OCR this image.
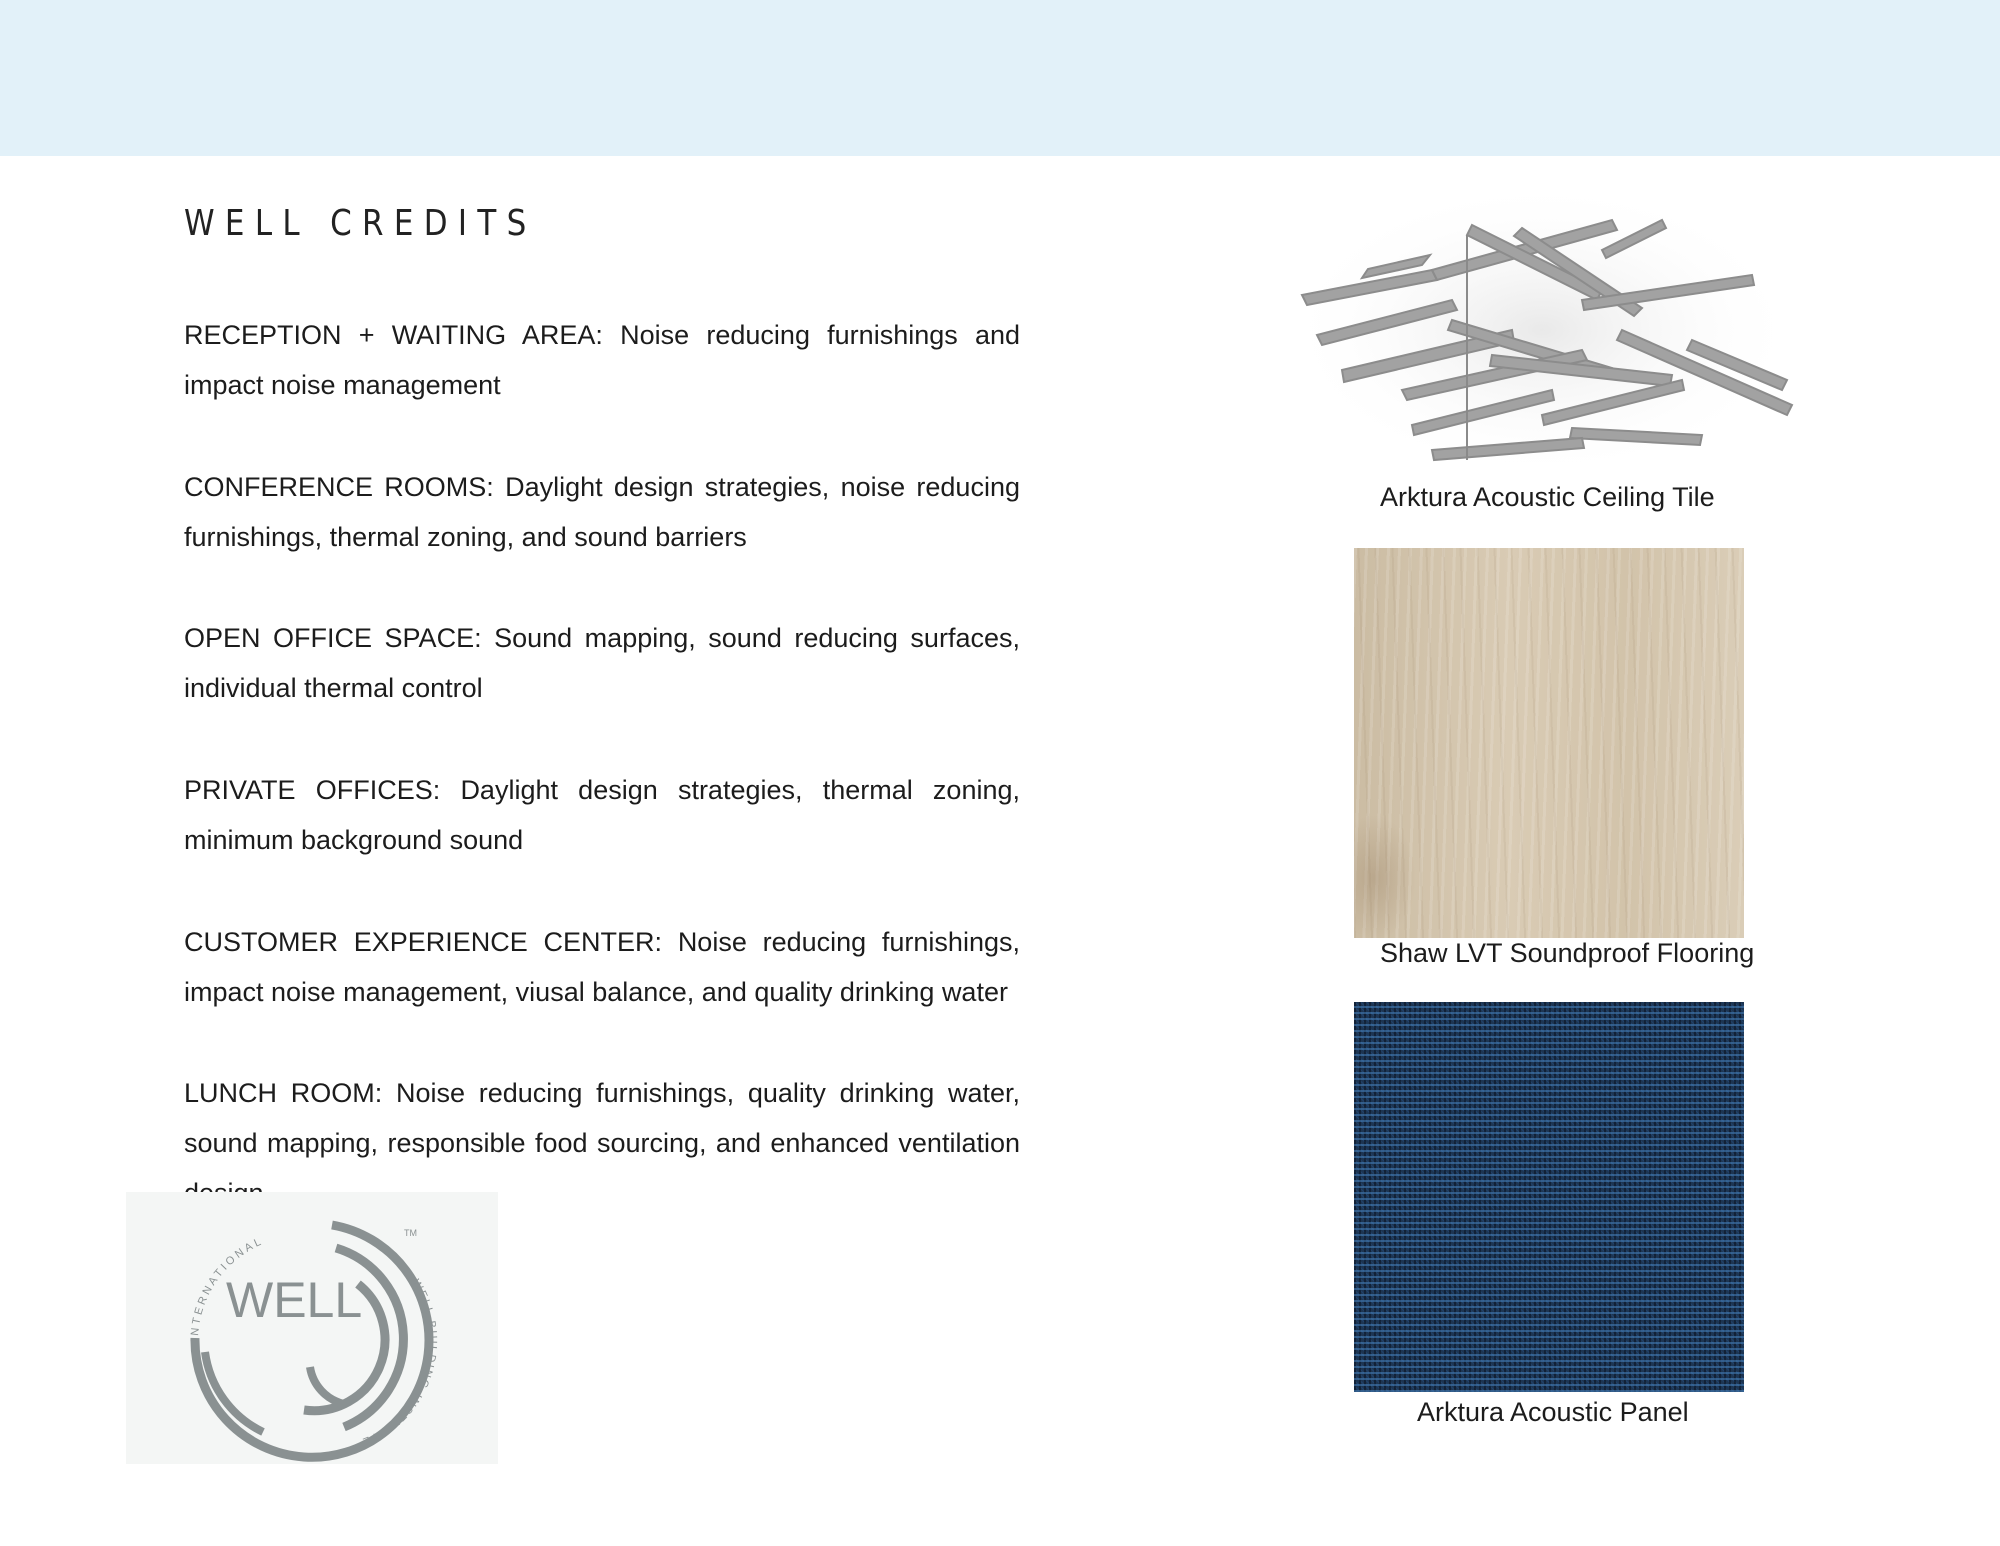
WELL CREDITS

RECEPTION + WAITING AREA: Noise reducing furnishings and impact noise management

CONFERENCE ROOMS: Daylight design strategies, noise reducing furnishings, thermal zoning, and sound barriers

OPEN OFFICE SPACE: Sound mapping, sound reducing surfaces, individual thermal control

PRIVATE OFFICES: Daylight design strategies, thermal zoning, minimum background sound

CUSTOMER EXPERIENCE CENTER: Noise reducing furnishings, impact noise management, viusal balance, and quality drinking water

LUNCH ROOM: Noise reducing furnishings, quality drinking water, sound mapping, responsible food sourcing, and enhanced ventilation

WELL
INTERNATIONAL
WELL BUILDING INSTITUTE
TM
Arktura Acoustic Ceiling Tile
Shaw LVT Soundproof Flooring
Arktura Acoustic Panel
